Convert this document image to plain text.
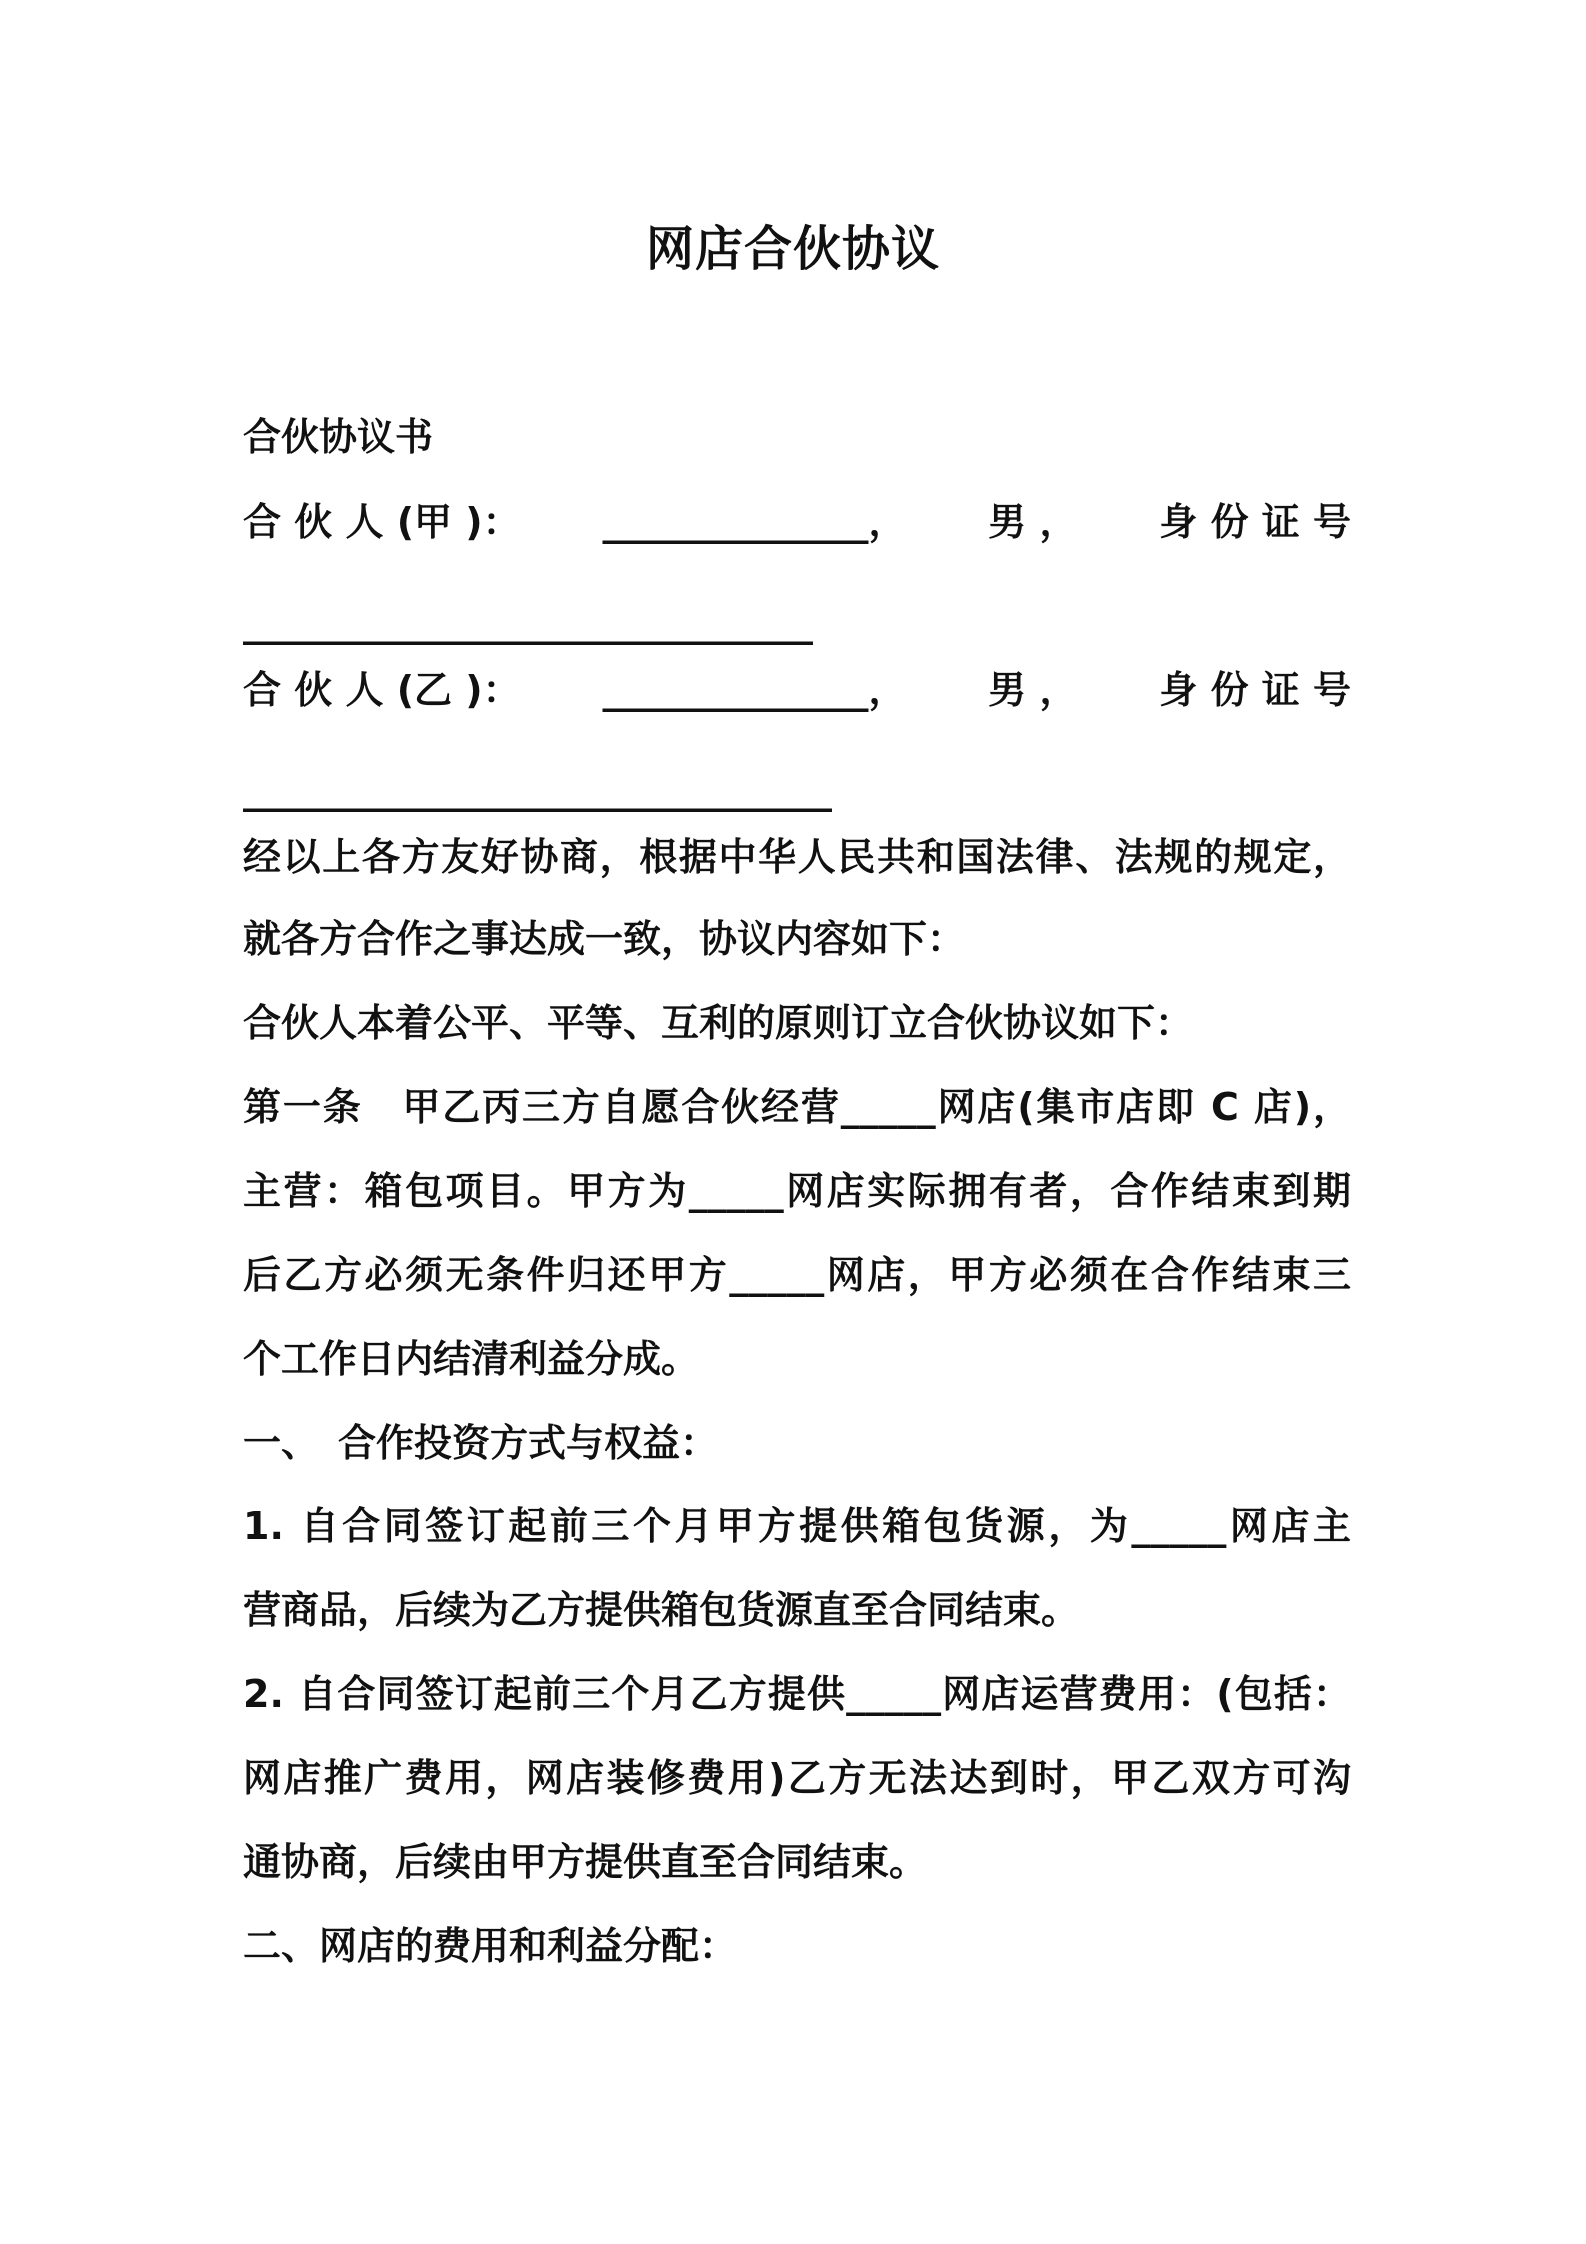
网店合伙协议
合伙协议书
合 伙 人 (甲 )： ______________， 男 ， 身 份 证 号
______________________________
合 伙 人 (乙 )： ______________， 男 ， 身 份 证 号
_______________________________
经以上各方友好协商，根据中华人民共和国法律、法规的规定，
就各方合作之事达成一致，协议内容如下：
合伙人本着公平、平等、互利的原则订立合伙协议如下：
第一条　甲乙丙三方自愿合伙经营_____网店(集市店即 C 店)，
主营：箱包项目。甲方为_____网店实际拥有者，合作结束到期
后乙方必须无条件归还甲方_____网店，甲方必须在合作结束三
个工作日内结清利益分成。
一、　合作投资方式与权益：
1. 自合同签订起前三个月甲方提供箱包货源，为_____网店主
营商品，后续为乙方提供箱包货源直至合同结束。
2. 自合同签订起前三个月乙方提供_____网店运营费用：(包括：
网店推广费用，网店装修费用)乙方无法达到时，甲乙双方可沟
通协商，后续由甲方提供直至合同结束。
二、网店的费用和利益分配：
